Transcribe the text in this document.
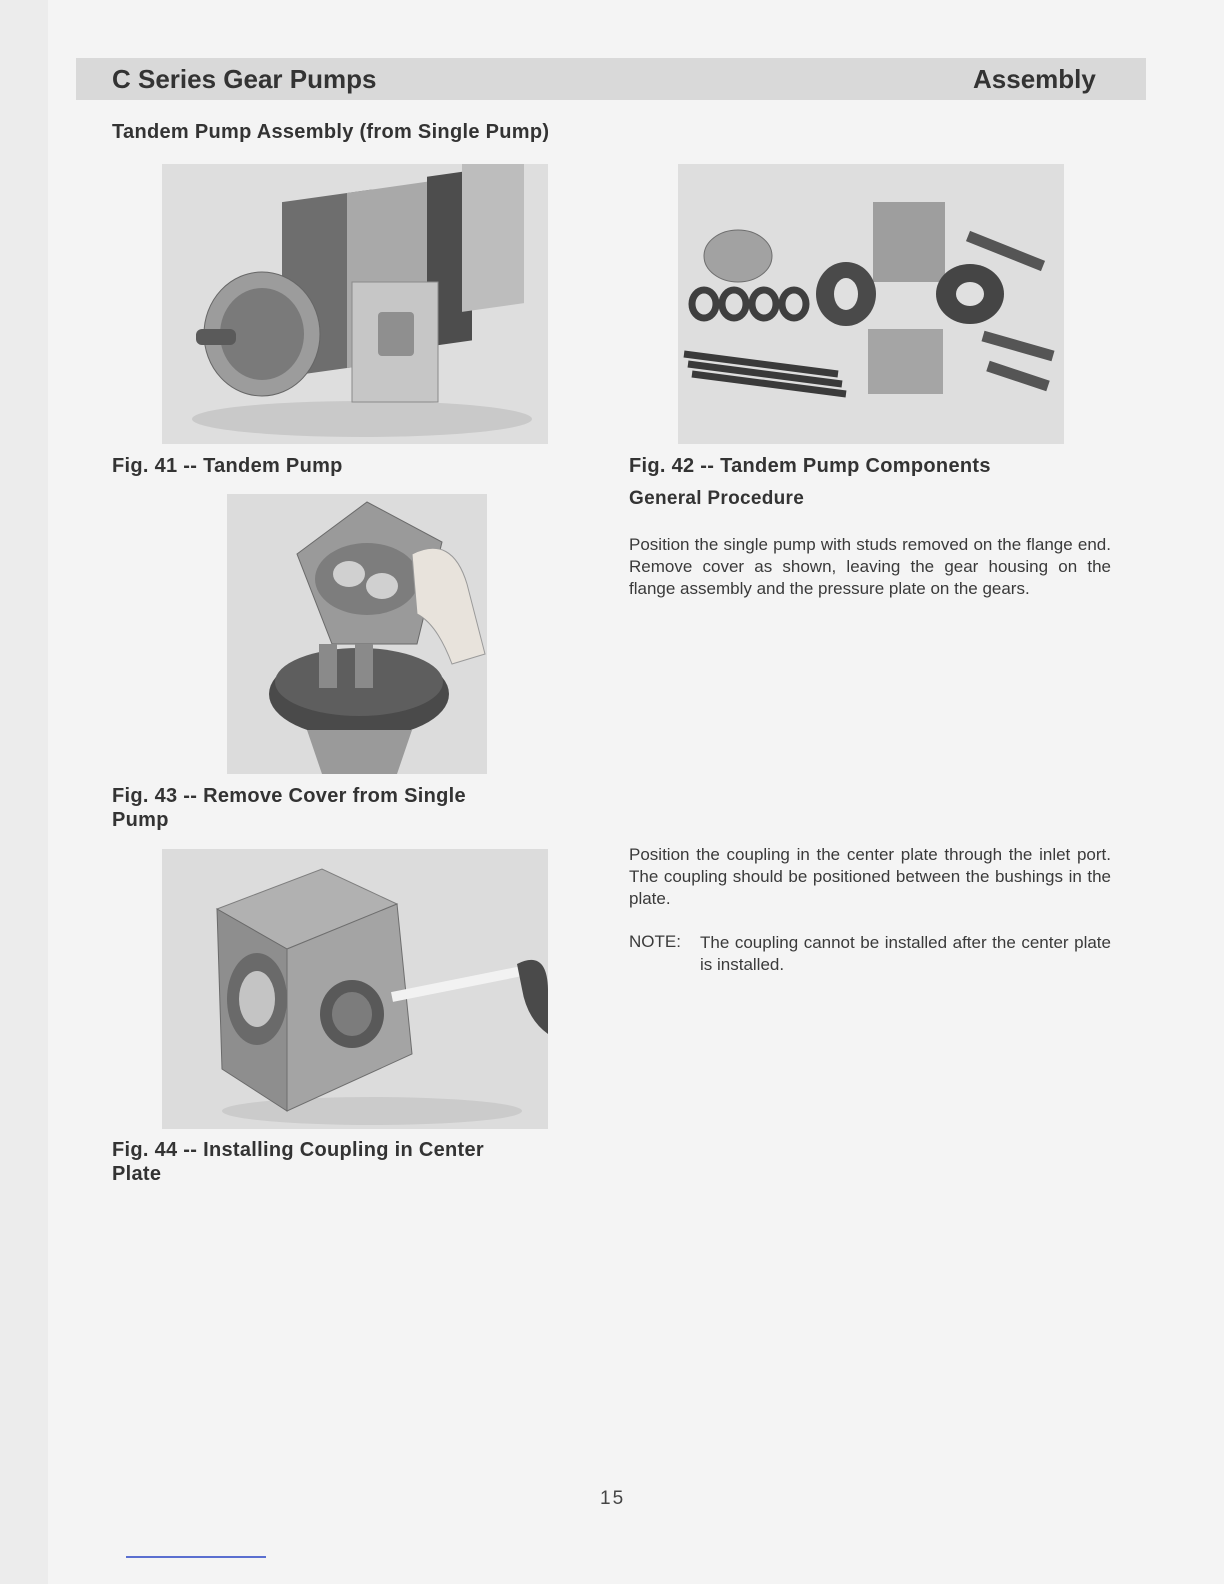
C Series Gear Pumps	Assembly
Tandem Pump Assembly (from Single Pump)
Fig. 41 -- Tandem Pump	Fig. 42 -- Tandem Pump Components
General Procedure
Position the single pump with studs removed on the flange end. Remove cover as shown, leaving the gear housing on the flange assembly and the pressure plate on the gears.
Fig. 43 -- Remove Cover from Single
Pump
Position the coupling in the center plate through the inlet port. The coupling should be positioned between the bushings in the plate.
NOTE: The coupling cannot be installed after the center plate is installed.
Fig. 44 -- Installing Coupling in Center
Plate
15
